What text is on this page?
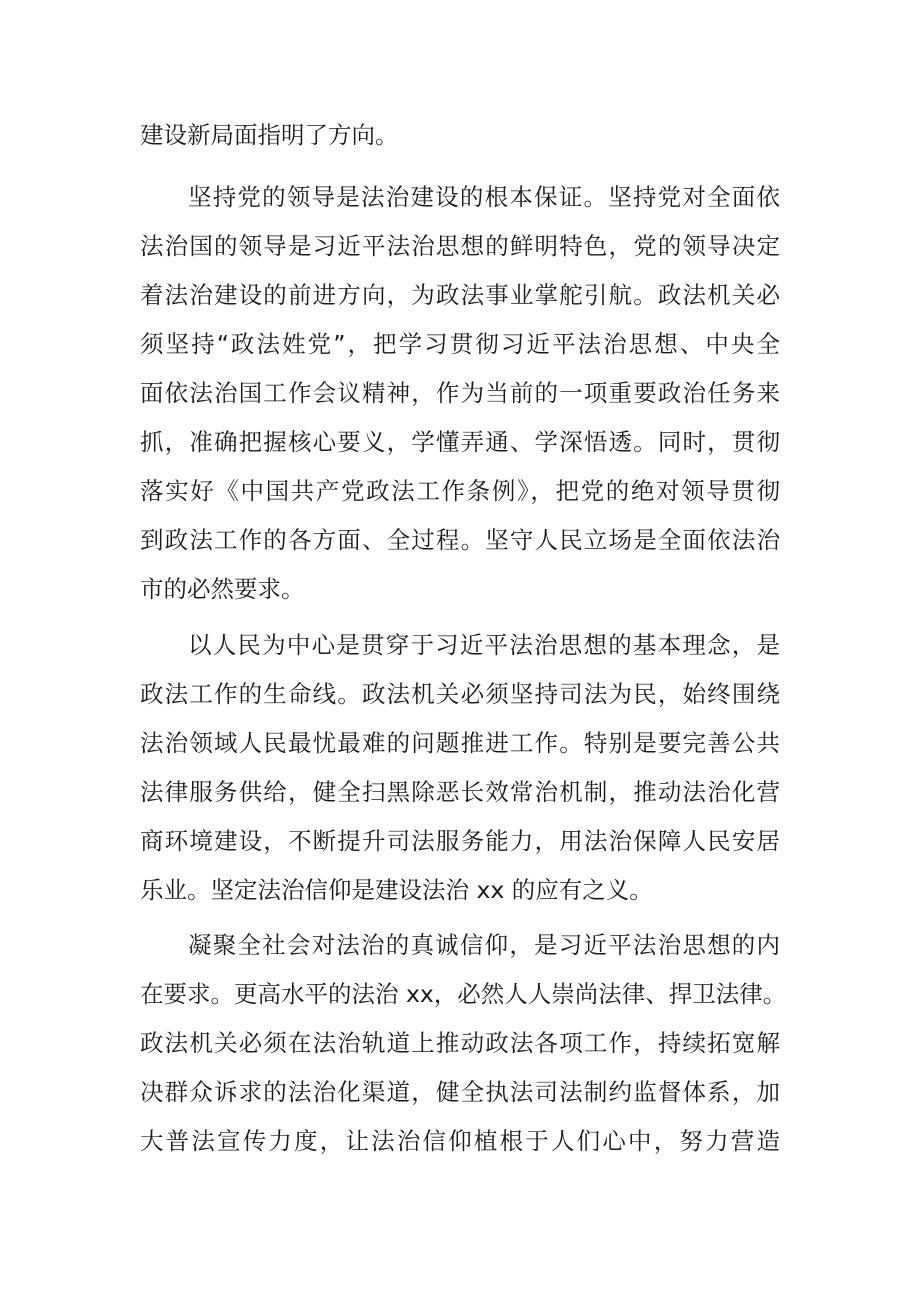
建设新局面指明了方向。
坚持党的领导是法治建设的根本保证。坚持党对全面依
法治国的领导是习近平法治思想的鲜明特色，党的领导决定
着法治建设的前进方向，为政法事业掌舵引航。政法机关必
须坚持“政法姓党”，把学习贯彻习近平法治思想、中央全
面依法治国工作会议精神，作为当前的一项重要政治任务来
抓，准确把握核心要义，学懂弄通、学深悟透。同时，贯彻
落实好《中国共产党政法工作条例》，把党的绝对领导贯彻
到政法工作的各方面、全过程。坚守人民立场是全面依法治
市的必然要求。
以人民为中心是贯穿于习近平法治思想的基本理念，是
政法工作的生命线。政法机关必须坚持司法为民，始终围绕
法治领域人民最忧最难的问题推进工作。特别是要完善公共
法律服务供给，健全扫黑除恶长效常治机制，推动法治化营
商环境建设，不断提升司法服务能力，用法治保障人民安居
乐业。坚定法治信仰是建设法治 xx 的应有之义。
凝聚全社会对法治的真诚信仰，是习近平法治思想的内
在要求。更高水平的法治 xx，必然人人崇尚法律、捍卫法律。
政法机关必须在法治轨道上推动政法各项工作，持续拓宽解
决群众诉求的法治化渠道，健全执法司法制约监督体系，加
大普法宣传力度，让法治信仰植根于人们心中，努力营造
